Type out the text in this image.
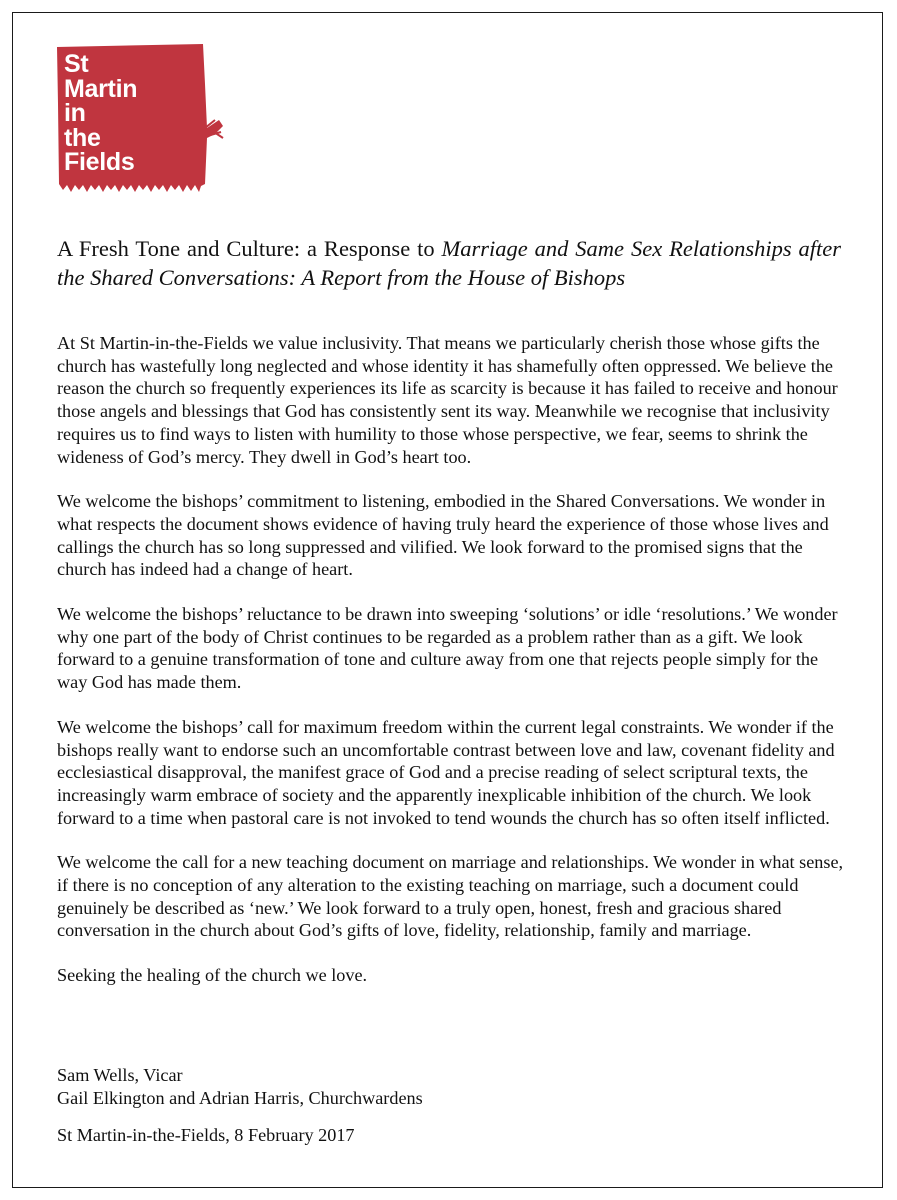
St
Martin
in
the
Fields
A Fresh Tone and Culture: a Response to Marriage and Same Sex Relationships after the Shared Conversations: A Report from the House of Bishops

At St Martin-in-the-Fields we value inclusivity. That means we particularly cherish those whose gifts the church has wastefully long neglected and whose identity it has shamefully often oppressed. We believe the reason the church so frequently experiences its life as scarcity is because it has failed to receive and honour those angels and blessings that God has consistently sent its way. Meanwhile we recognise that inclusivity requires us to find ways to listen with humility to those whose perspective, we fear, seems to shrink the wideness of God’s mercy. They dwell in God’s heart too.

We welcome the bishops’ commitment to listening, embodied in the Shared Conversations. We wonder in what respects the document shows evidence of having truly heard the experience of those whose lives and callings the church has so long suppressed and vilified. We look forward to the promised signs that the church has indeed had a change of heart.

We welcome the bishops’ reluctance to be drawn into sweeping ‘solutions’ or idle ‘resolutions.’ We wonder why one part of the body of Christ continues to be regarded as a problem rather than as a gift. We look forward to a genuine transformation of tone and culture away from one that rejects people simply for the way God has made them.

We welcome the bishops’ call for maximum freedom within the current legal constraints. We wonder if the bishops really want to endorse such an uncomfortable contrast between love and law, covenant fidelity and ecclesiastical disapproval, the manifest grace of God and a precise reading of select scriptural texts, the increasingly warm embrace of society and the apparently inexplicable inhibition of the church. We look forward to a time when pastoral care is not invoked to tend wounds the church has so often itself inflicted.

We welcome the call for a new teaching document on marriage and relationships. We wonder in what sense, if there is no conception of any alteration to the existing teaching on marriage, such a document could genuinely be described as ‘new.’ We look forward to a truly open, honest, fresh and gracious shared conversation in the church about God’s gifts of love, fidelity, relationship, family and marriage.

Seeking the healing of the church we love.

Sam Wells, Vicar
Gail Elkington and Adrian Harris, Churchwardens
St Martin-in-the-Fields, 8 February 2017
